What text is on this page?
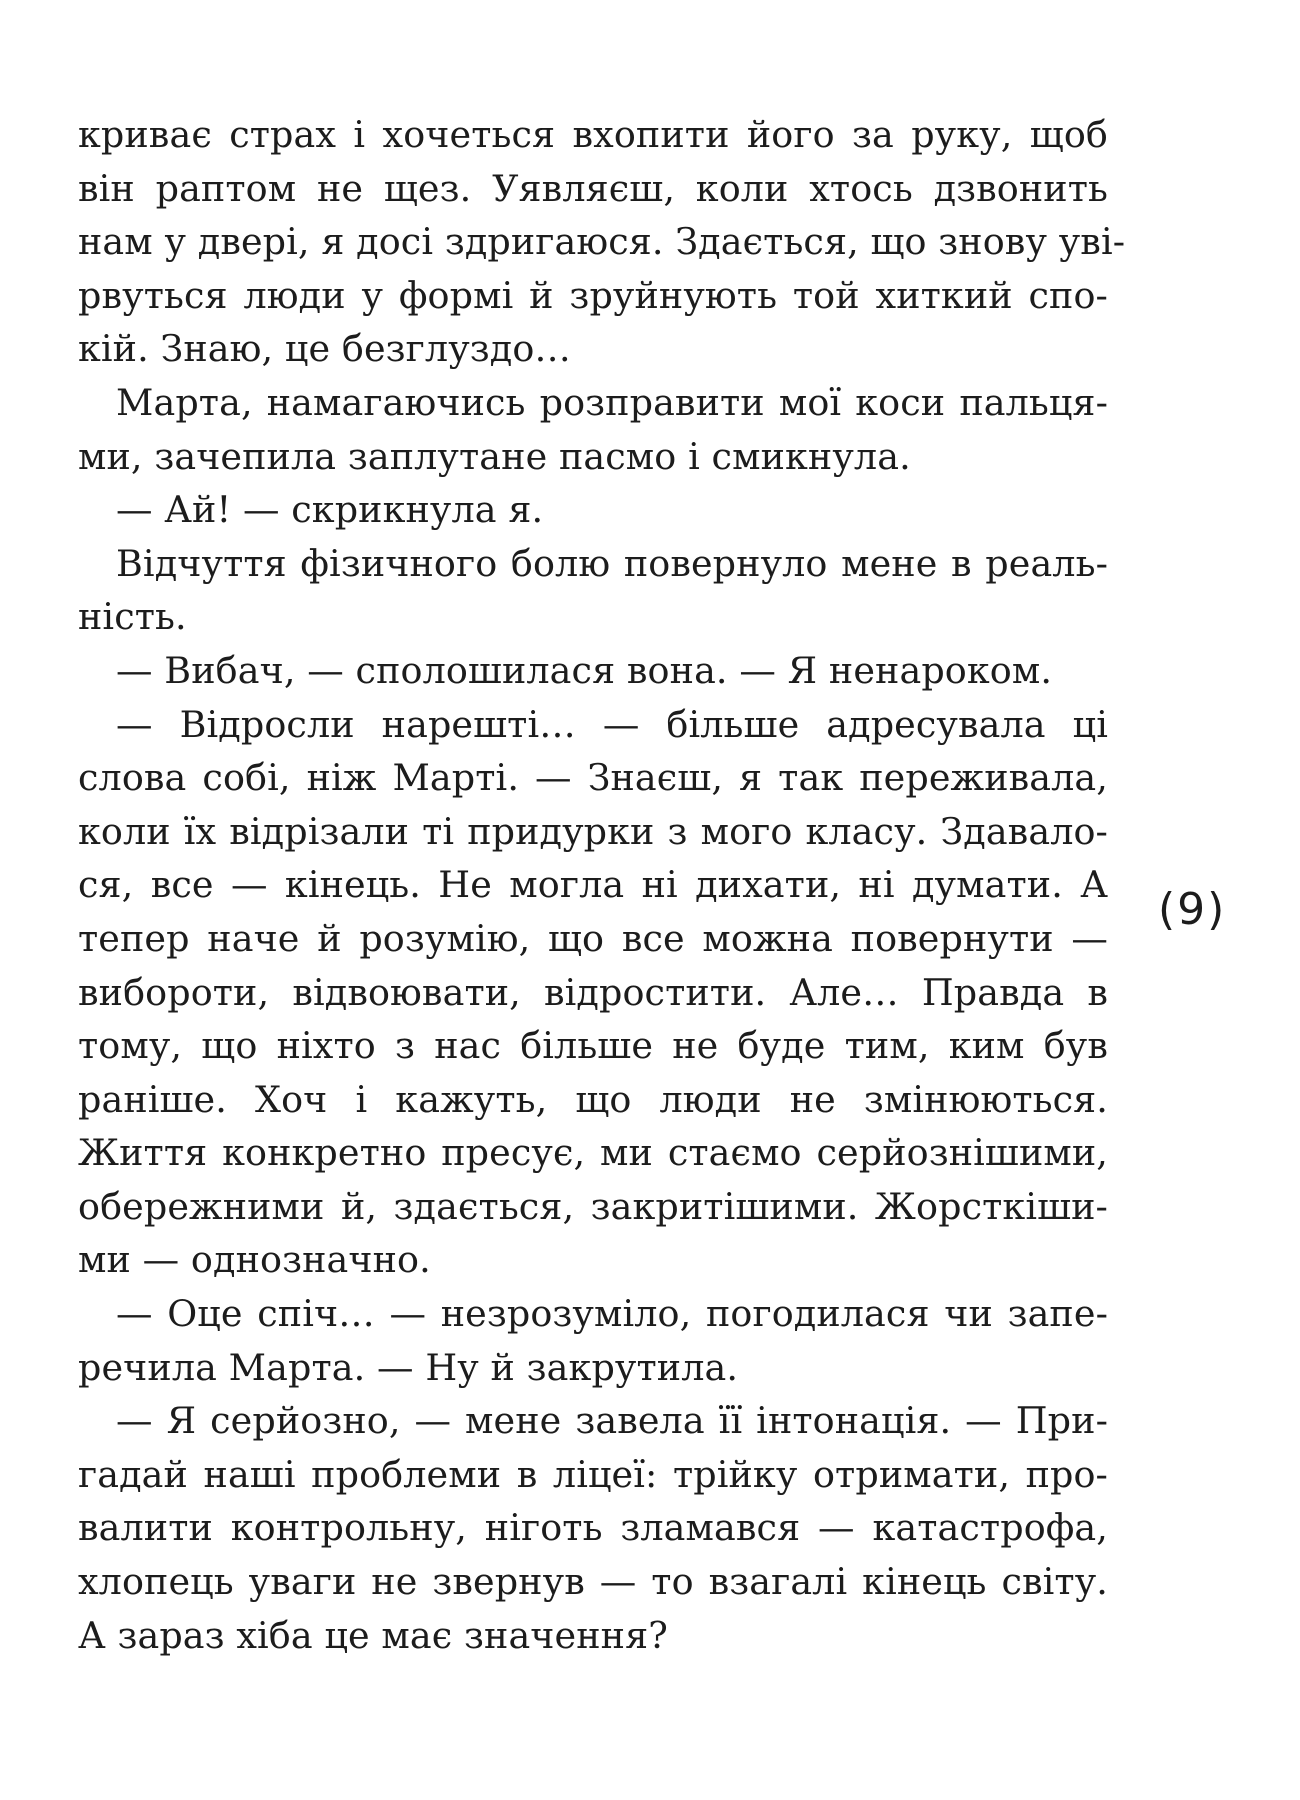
криває страх і хочеться вхопити його за руку, щоб
він раптом не щез. Уявляєш, коли хтось дзвонить
нам у двері, я досі здригаюся. Здається, що знову уві-
рвуться люди у формі й зруйнують той хиткий спо-
кій. Знаю, це безглуздо…
Марта, намагаючись розправити мої коси пальця-
ми, зачепила заплутане пасмо і смикнула.
— Ай! — скрикнула я.
Відчуття фізичного болю повернуло мене в реаль-
ність.
— Вибач, — сполошилася вона. — Я ненароком.
— Відросли нарешті… — більше адресувала ці
слова собі, ніж Марті. — Знаєш, я так переживала,
коли їх відрізали ті придурки з мого класу. Здавало-
ся, все — кінець. Не могла ні дихати, ні думати. А
тепер наче й розумію, що все можна повернути —
вибороти, відвоювати, відростити. Але… Правда в
тому, що ніхто з нас більше не буде тим, ким був
раніше. Хоч і кажуть, що люди не змінюються.
Життя конкретно пресує, ми стаємо серйознішими,
обережними й, здається, закритішими. Жорсткіши-
ми — однозначно.
— Оце спіч… — незрозуміло, погодилася чи запе-
речила Марта. — Ну й закрутила.
— Я серйозно, — мене завела її інтонація. — При-
гадай наші проблеми в ліцеї: трійку отримати, про-
валити контрольну, ніготь зламався — катастрофа,
хлопець уваги не звернув — то взагалі кінець світу.
А зараз хіба це має значення?
(9)
